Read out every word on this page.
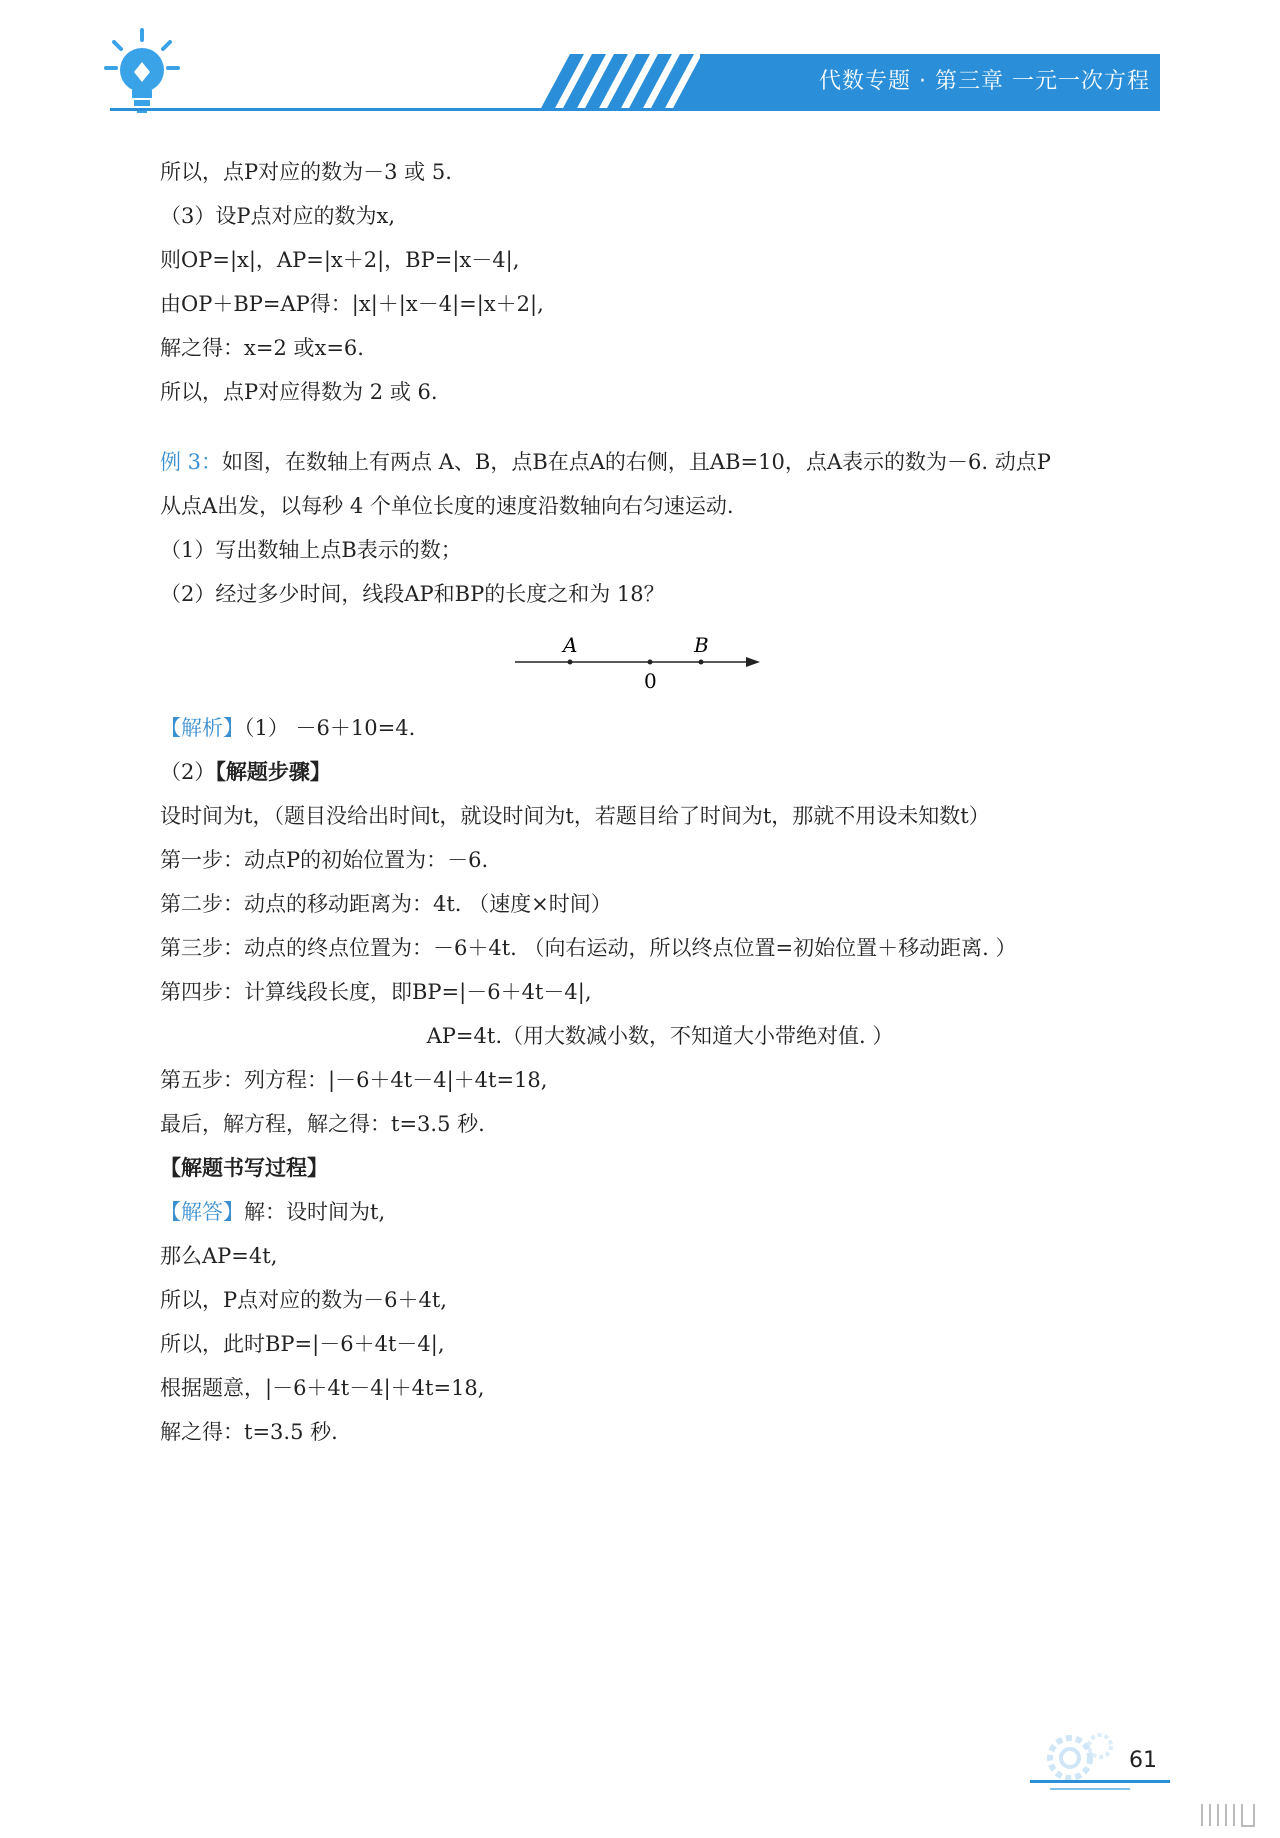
代数专题 · 第三章 一元一次方程
所以，点P对应的数为－3 或 5.
（3）设P点对应的数为x,
则OP=|x|，AP=|x＋2|，BP=|x－4|,
由OP＋BP=AP得：|x|＋|x－4|=|x＋2|,
解之得：x=2 或x=6.
所以，点P对应得数为 2 或 6.
例 3：如图，在数轴上有两点 A、B，点B在点A的右侧，且AB=10，点A表示的数为－6. 动点P
从点A出发，以每秒 4 个单位长度的速度沿数轴向右匀速运动.
（1）写出数轴上点B表示的数；
（2）经过多少时间，线段AP和BP的长度之和为 18？
A	B
0
【解析】（1） －6＋10=4.
（2）【解题步骤】
设时间为t，（题目没给出时间t，就设时间为t，若题目给了时间为t，那就不用设未知数t）
第一步：动点P的初始位置为：－6.
第二步：动点的移动距离为：4t. （速度×时间）
第三步：动点的终点位置为：－6＋4t. （向右运动，所以终点位置=初始位置＋移动距离. ）
第四步：计算线段长度，即BP=|－6＋4t－4|,
AP=4t.（用大数减小数，不知道大小带绝对值. ）
第五步：列方程：|－6＋4t－4|＋4t=18,
最后，解方程，解之得：t=3.5 秒.
【解题书写过程】
【解答】解：设时间为t,
那么AP=4t,
所以，P点对应的数为－6＋4t,
所以，此时BP=|－6＋4t－4|,
根据题意，|－6＋4t－4|＋4t=18,
解之得：t=3.5 秒.
61
